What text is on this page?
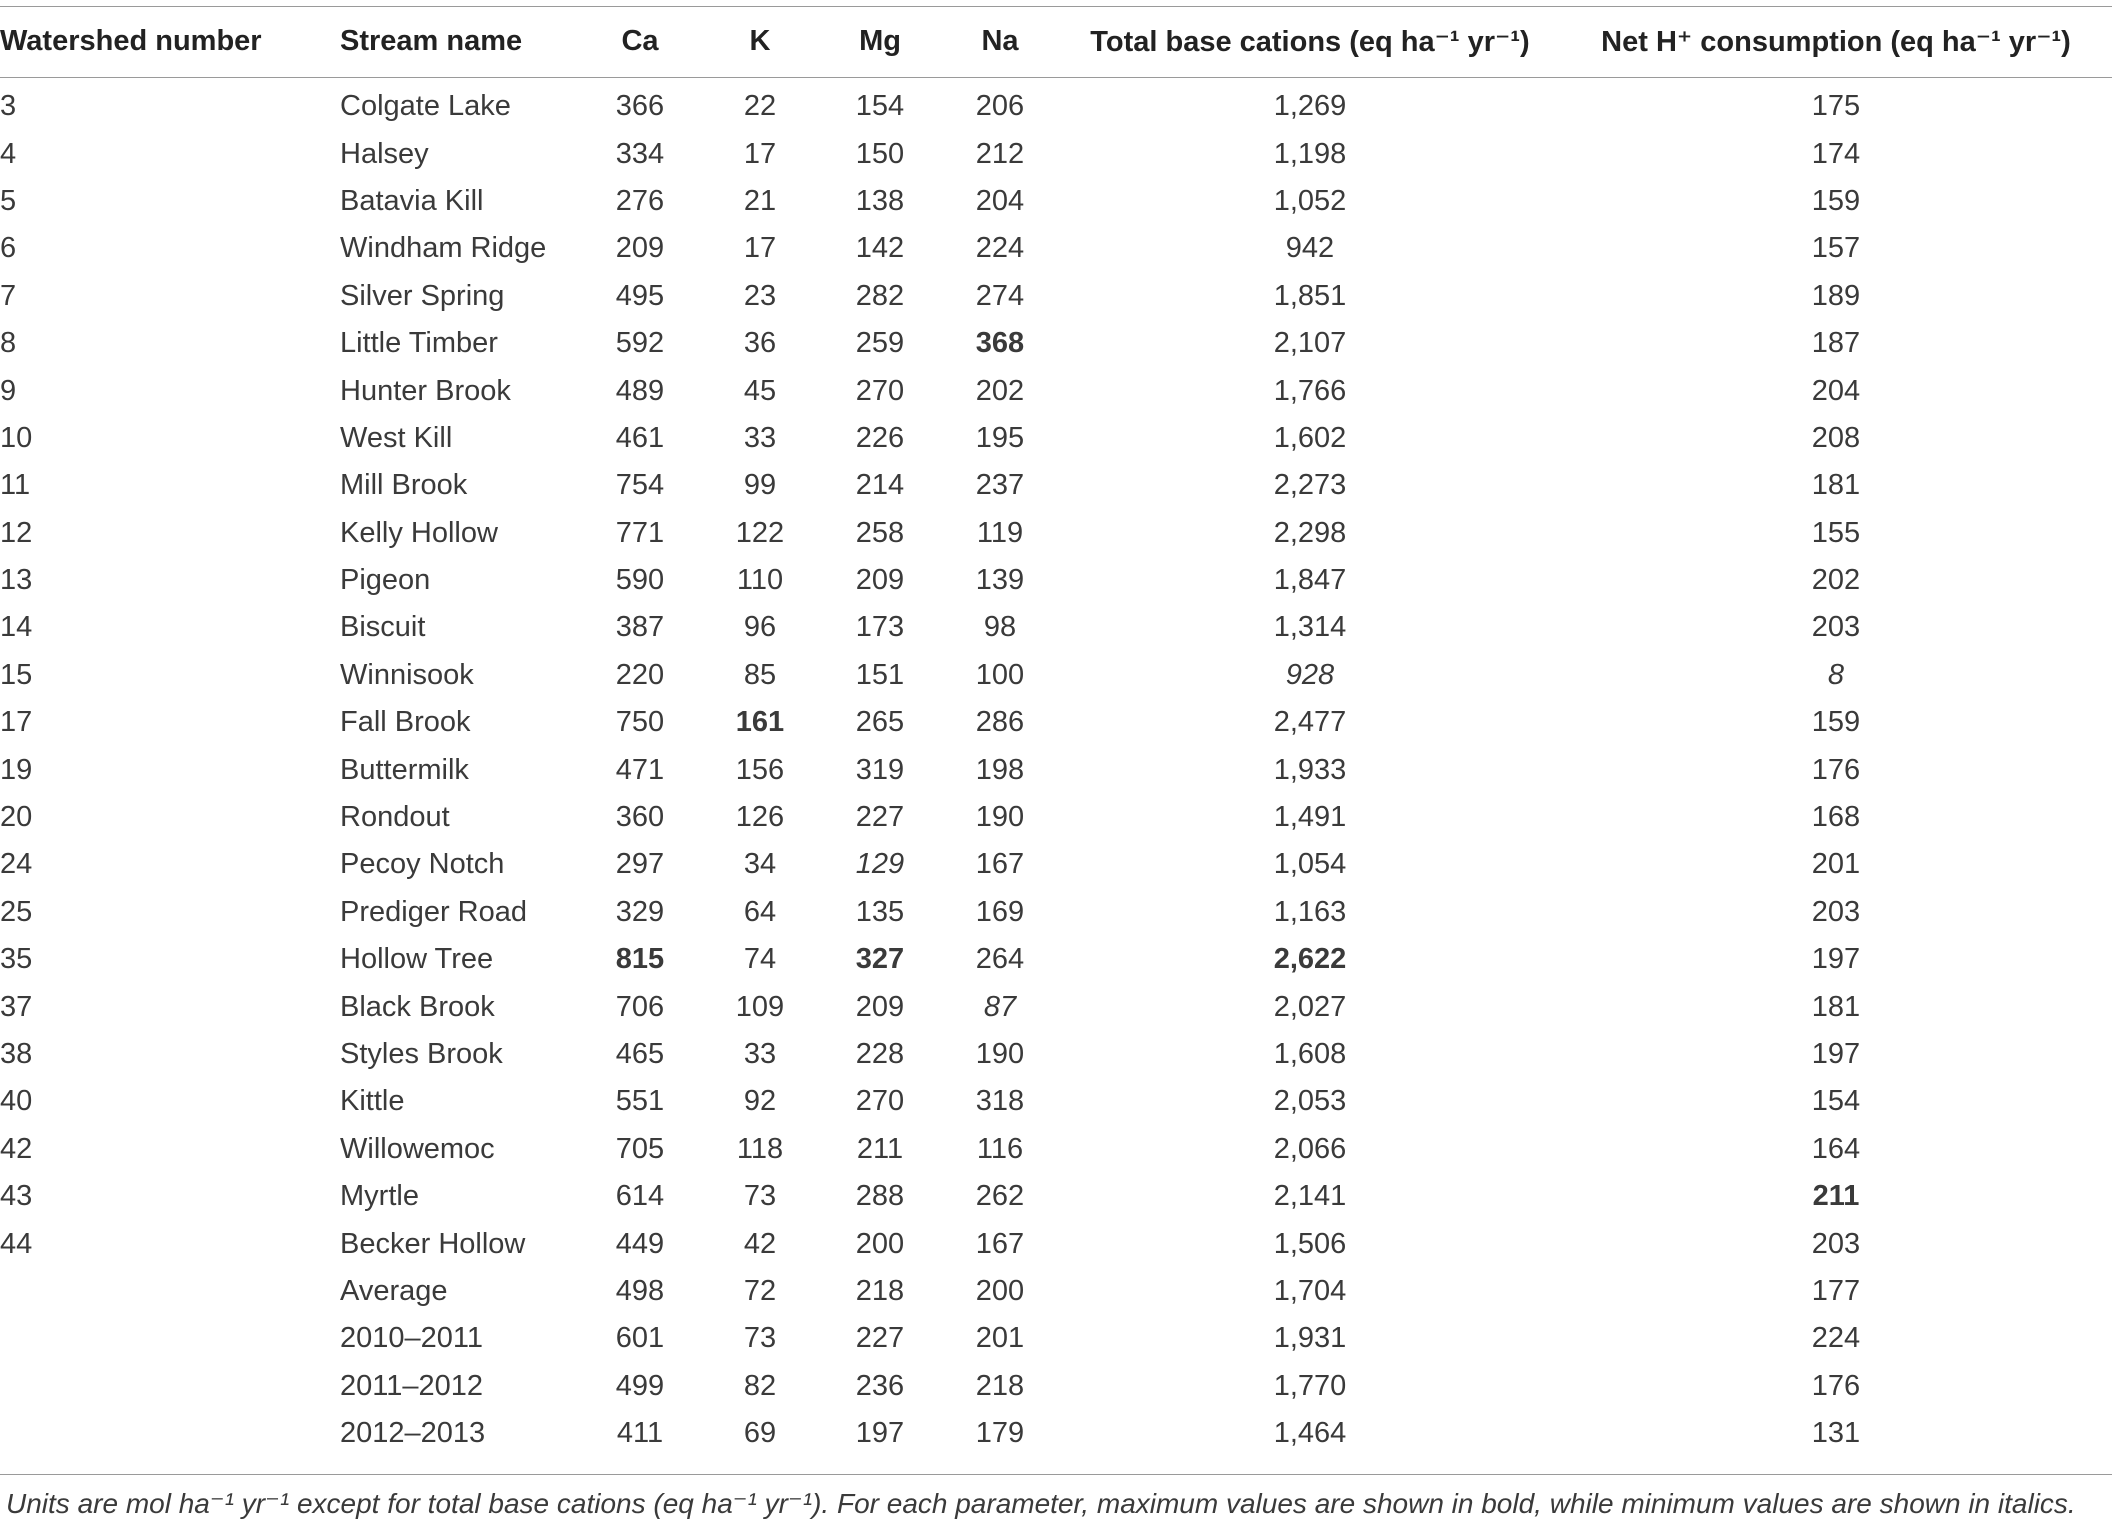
Watershed number	Stream name	Ca	K	Mg	Na	Total base cations (eq ha⁻¹ yr⁻¹)	Net H⁺ consumption (eq ha⁻¹ yr⁻¹)
3	Colgate Lake	366	22	154	206	1,269	175
4	Halsey	334	17	150	212	1,198	174
5	Batavia Kill	276	21	138	204	1,052	159
6	Windham Ridge	209	17	142	224	942	157
7	Silver Spring	495	23	282	274	1,851	189
8	Little Timber	592	36	259	368	2,107	187
9	Hunter Brook	489	45	270	202	1,766	204
10	West Kill	461	33	226	195	1,602	208
11	Mill Brook	754	99	214	237	2,273	181
12	Kelly Hollow	771	122	258	119	2,298	155
13	Pigeon	590	110	209	139	1,847	202
14	Biscuit	387	96	173	98	1,314	203
15	Winnisook	220	85	151	100	928	8
17	Fall Brook	750	161	265	286	2,477	159
19	Buttermilk	471	156	319	198	1,933	176
20	Rondout	360	126	227	190	1,491	168
24	Pecoy Notch	297	34	129	167	1,054	201
25	Prediger Road	329	64	135	169	1,163	203
35	Hollow Tree	815	74	327	264	2,622	197
37	Black Brook	706	109	209	87	2,027	181
38	Styles Brook	465	33	228	190	1,608	197
40	Kittle	551	92	270	318	2,053	154
42	Willowemoc	705	118	211	116	2,066	164
43	Myrtle	614	73	288	262	2,141	211
44	Becker Hollow	449	42	200	167	1,506	203
	Average	498	72	218	200	1,704	177
	2010–2011	601	73	227	201	1,931	224
	2011–2012	499	82	236	218	1,770	176
	2012–2013	411	69	197	179	1,464	131
Units are mol ha⁻¹ yr⁻¹ except for total base cations (eq ha⁻¹ yr⁻¹). For each parameter, maximum values are shown in bold, while minimum values are shown in italics.
